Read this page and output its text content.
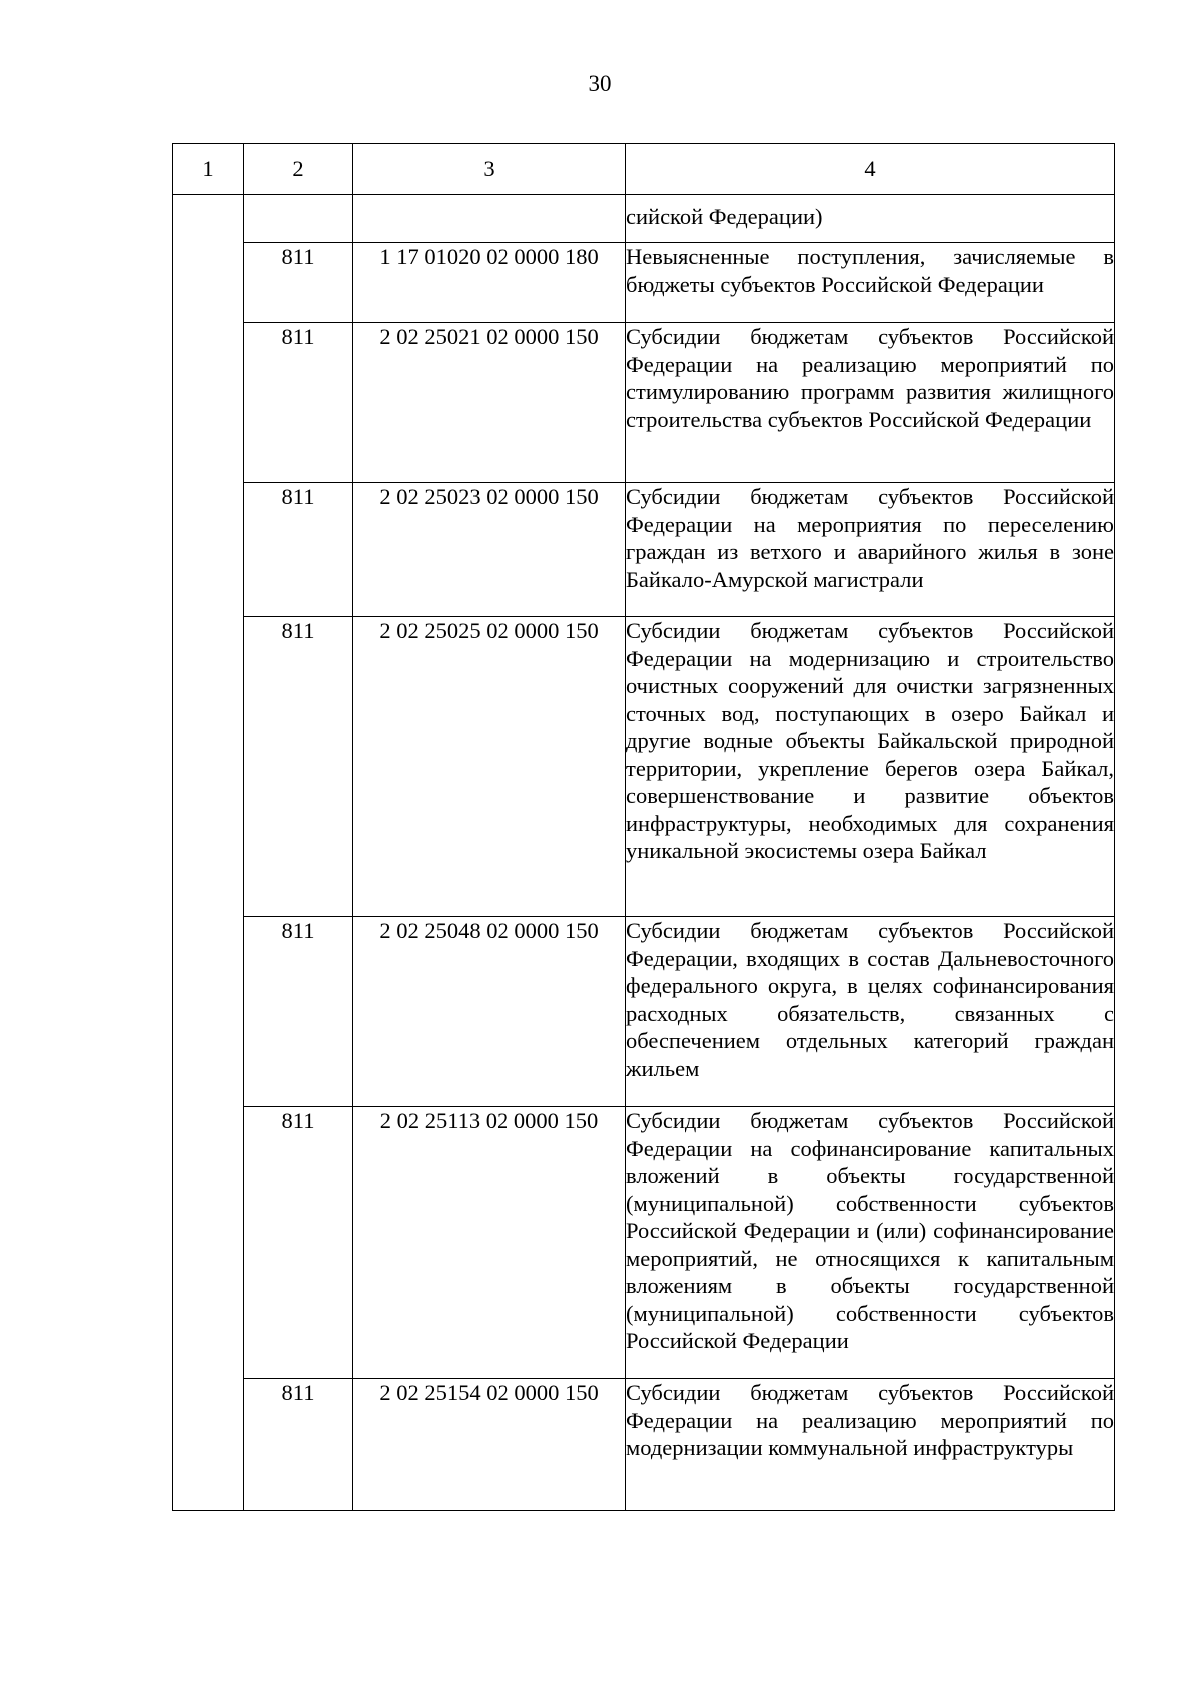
30
1	2	3	4
			сийской Федерации)
	811	1 17 01020 02 0000 180	Невыясненные поступления, зачисляемые в бюджеты субъектов Российской Федерации
	811	2 02 25021 02 0000 150	Субсидии бюджетам субъектов Российской Федерации на реализацию мероприятий по стимулированию программ развития жилищного строительства субъектов Российской Федерации
	811	2 02 25023 02 0000 150	Субсидии бюджетам субъектов Российской Федерации на мероприятия по переселению граждан из ветхого и аварийного жилья в зоне Байкало-Амурской магистрали
	811	2 02 25025 02 0000 150	Субсидии бюджетам субъектов Российской Федерации на модернизацию и строительство очистных сооружений для очистки загрязненных сточных вод, поступающих в озеро Байкал и другие водные объекты Байкальской природной территории, укрепление берегов озера Байкал, совершенствование и развитие объектов инфраструктуры, необходимых для сохранения уникальной экосистемы озера Байкал
	811	2 02 25048 02 0000 150	Субсидии бюджетам субъектов Российской Федерации, входящих в состав Дальневосточного федерального округа, в целях софинансирования расходных обязательств, связанных с обеспечением отдельных категорий граждан жильем
	811	2 02 25113 02 0000 150	Субсидии бюджетам субъектов Российской Федерации на софинансирование капитальных вложений в объекты государственной (муниципальной) собственности субъектов Российской Федерации и (или) софинансирование мероприятий, не относящихся к капитальным вложениям в объекты государственной (муниципальной) собственности субъектов Российской Федерации
	811	2 02 25154 02 0000 150	Субсидии бюджетам субъектов Российской Федерации на реализацию мероприятий по модернизации коммунальной инфраструктуры
